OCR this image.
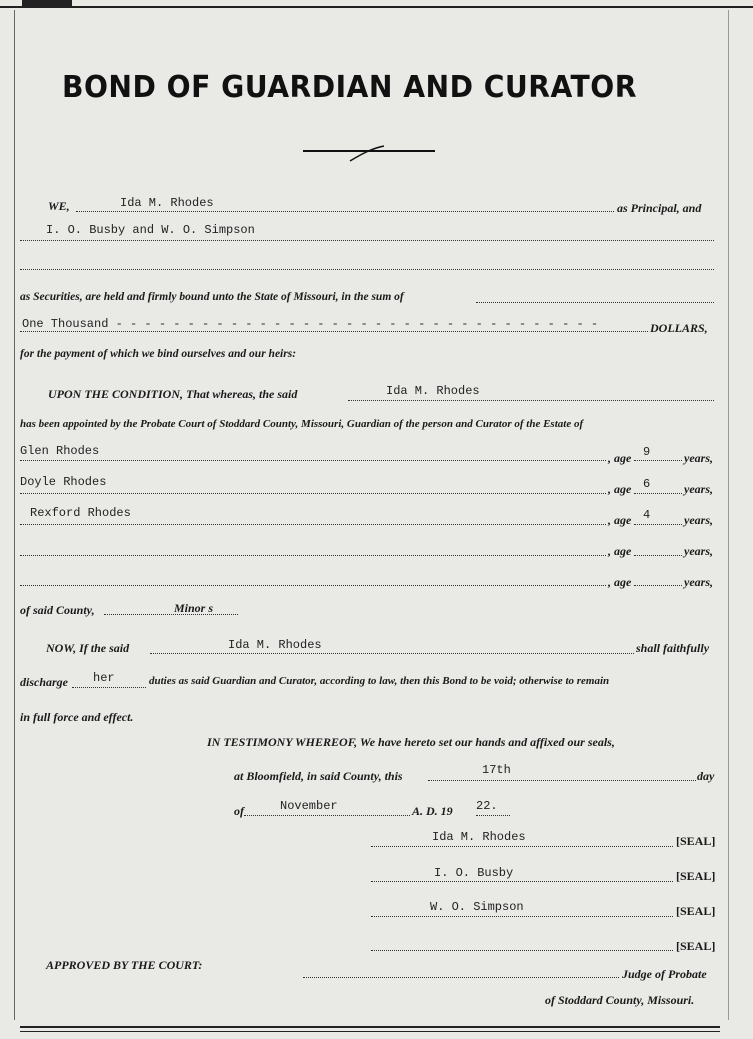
BOND OF GUARDIAN AND CURATOR
WE,	Ida M. Rhodes	as Principal, and
I. O. Busby and W. O. Simpson
as Securities, are held and firmly bound unto the State of Missouri, in the sum of
One Thousand - - - - - - - - - - - - - - - - - - - - - - - - - - - - - - - - - -	DOLLARS,
for the payment of which we bind ourselves and our heirs:
UPON THE CONDITION, That whereas, the said	Ida M. Rhodes
has been appointed by the Probate Court of Stoddard County, Missouri, Guardian of the person and Curator of the Estate of
Glen Rhodes	, age 9	years,
Doyle Rhodes	, age 6	years,
Rexford Rhodes	, age 4	years,
, age	years,
, age	years,
of said County,	Minor s
NOW, If the said	Ida M. Rhodes	shall faithfully
discharge her	duties as said Guardian and Curator, according to law, then this Bond to be void; otherwise to remain
in full force and effect.
IN TESTIMONY WHEREOF, We have hereto set our hands and affixed our seals,
at Bloomfield, in said County, this	17th	day
of	November	A. D. 19 22.
Ida M. Rhodes	[SEAL]
I. O. Busby	[SEAL]
W. O. Simpson	[SEAL]
[SEAL]
APPROVED BY THE COURT:
Judge of Probate
of Stoddard County, Missouri.
